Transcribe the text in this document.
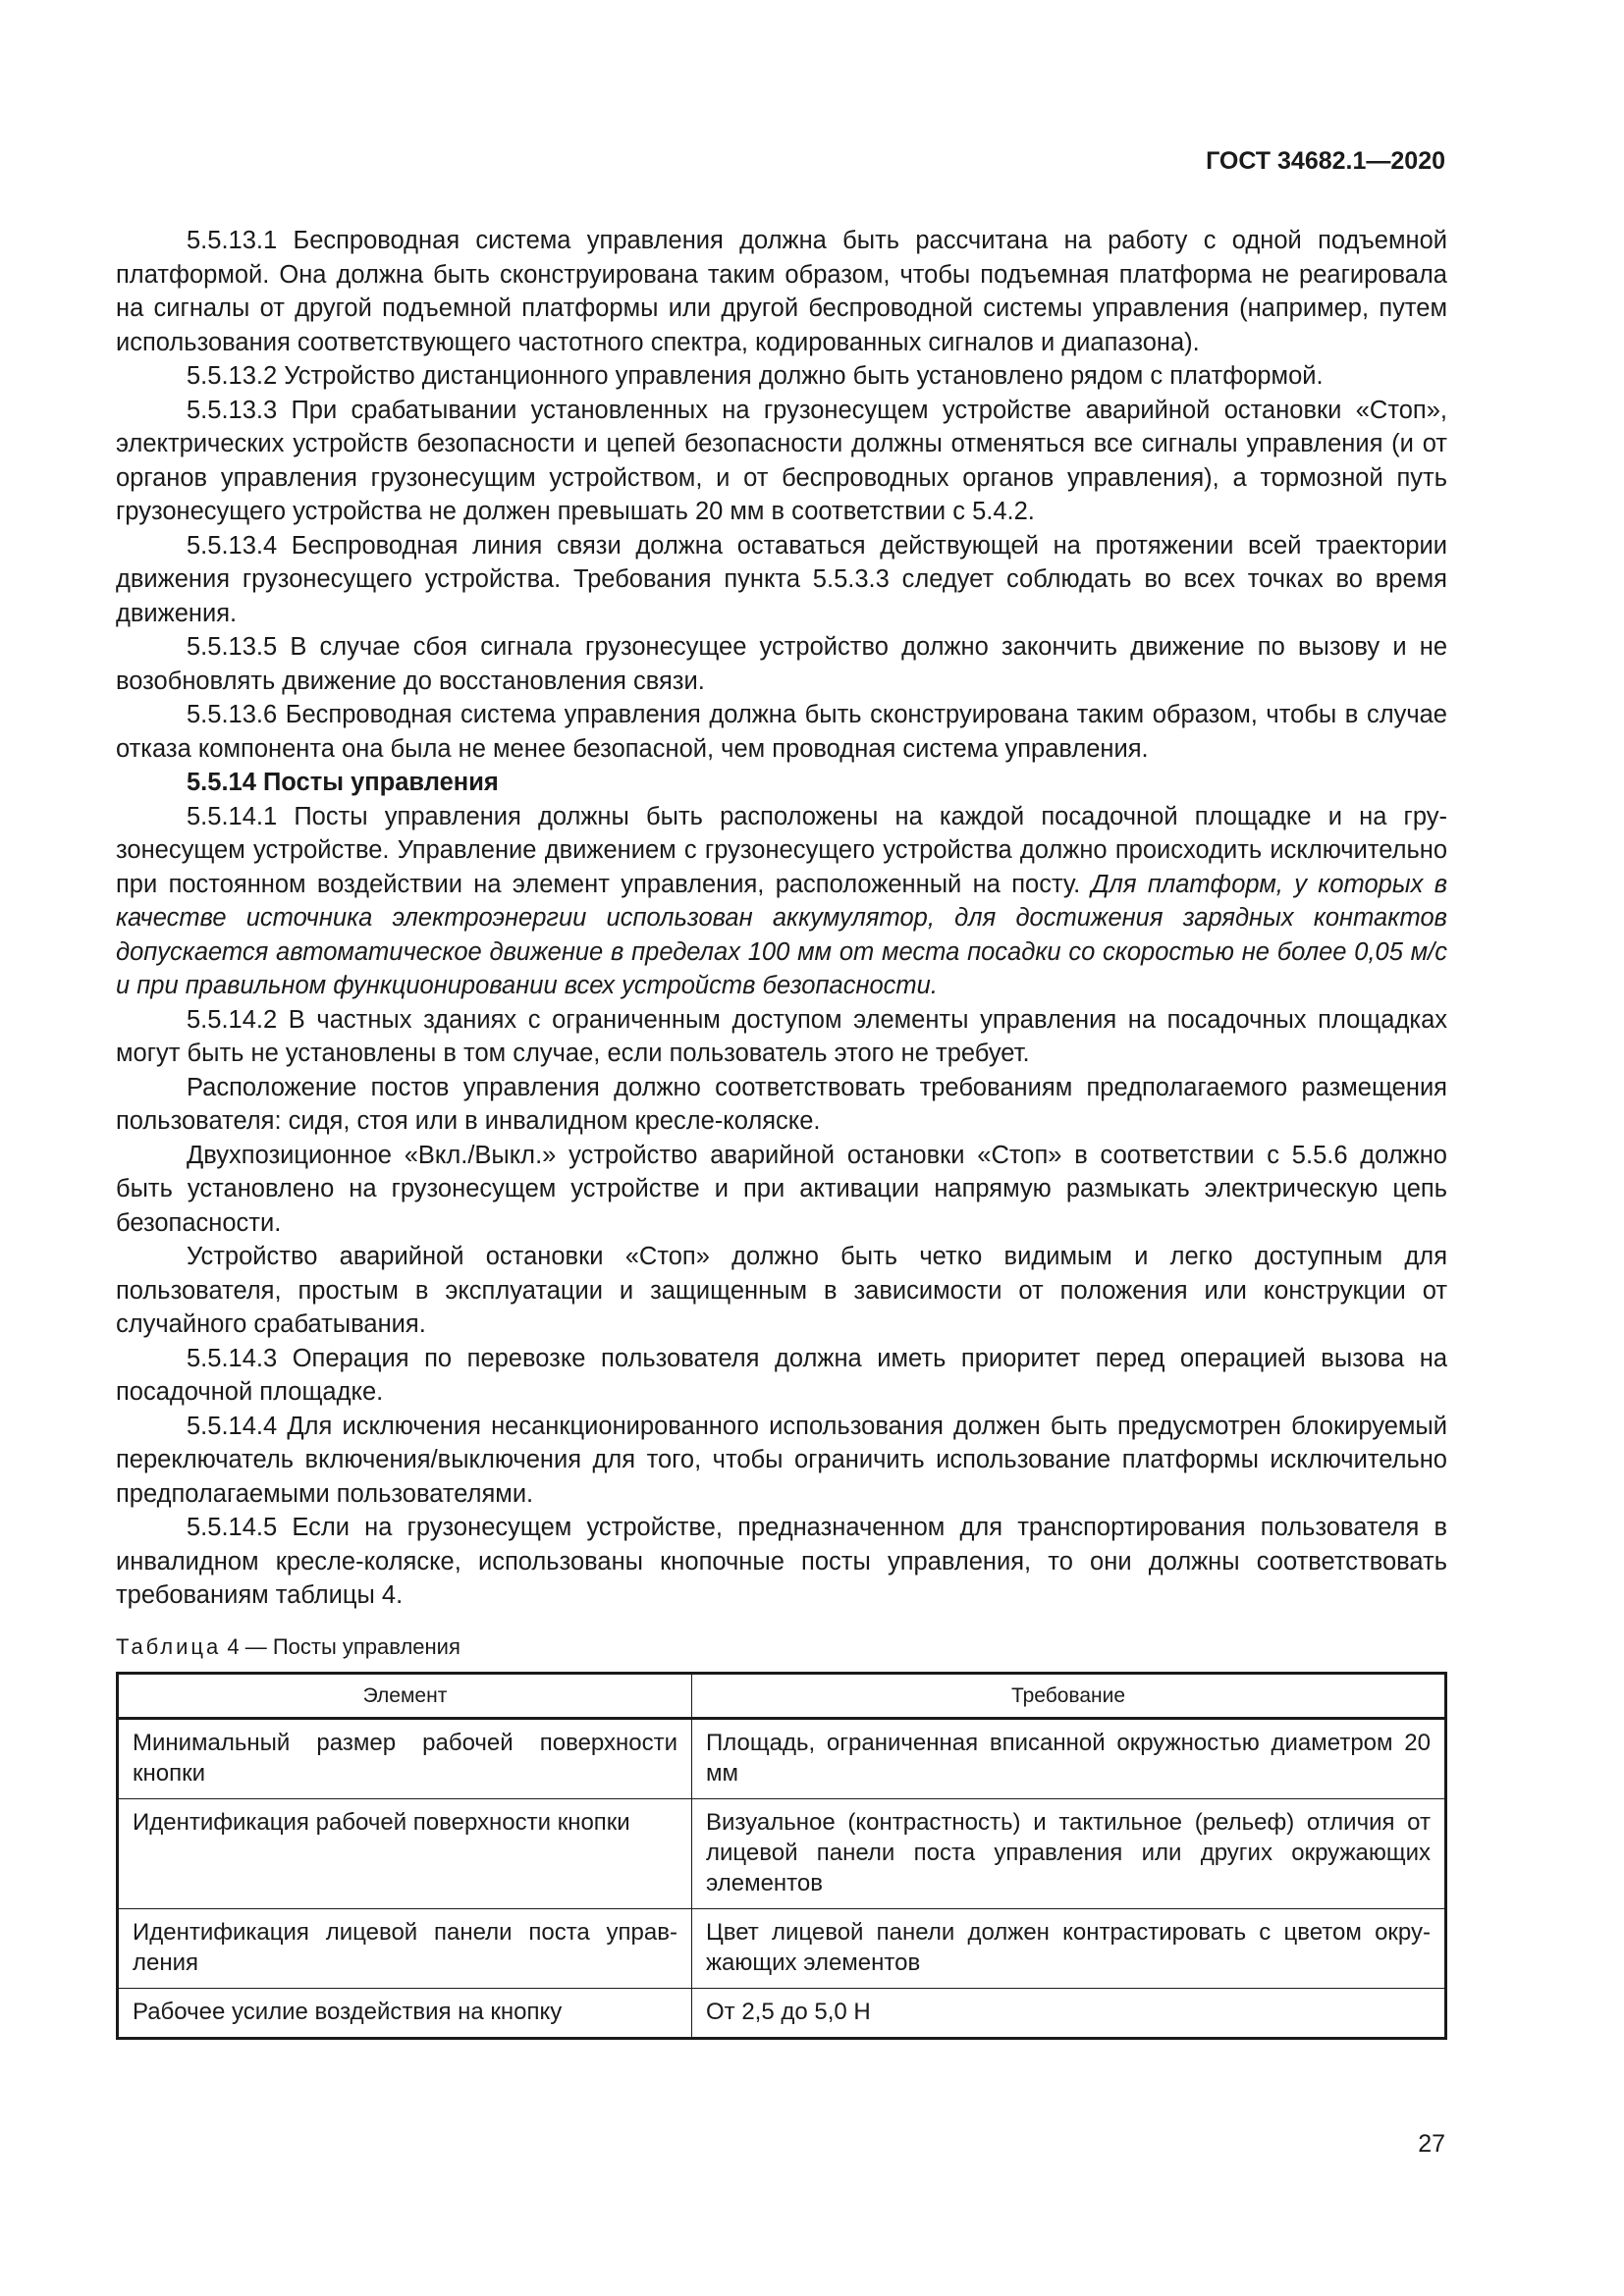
ГОСТ 34682.1—2020

5.5.13.1 Беспроводная система управления должна быть рассчитана на работу с одной подъемной платформой. Она должна быть сконструирована таким образом, чтобы подъемная платформа не реагировала на сигналы от другой подъемной платформы или другой беспроводной системы управления (например, путем использования соответствующего частотного спектра, кодированных сигналов и диапазона).

5.5.13.2 Устройство дистанционного управления должно быть установлено рядом с платформой.

5.5.13.3 При срабатывании установленных на грузонесущем устройстве аварийной остановки «Стоп», электрических устройств безопасности и цепей безопасности должны отменяться все сигналы управления (и от органов управления грузонесущим устройством, и от беспроводных органов управления), а тормозной путь грузонесущего устройства не должен превышать 20 мм в соответствии с 5.4.2.

5.5.13.4 Беспроводная линия связи должна оставаться действующей на протяжении всей траектории движения грузонесущего устройства. Требования пункта 5.5.3.3 следует соблюдать во всех точках во время движения.

5.5.13.5 В случае сбоя сигнала грузонесущее устройство должно закончить движение по вызову и не возобновлять движение до восстановления связи.

5.5.13.6 Беспроводная система управления должна быть сконструирована таким образом, чтобы в случае отказа компонента она была не менее безопасной, чем проводная система управления.

5.5.14 Посты управления

5.5.14.1 Посты управления должны быть расположены на каждой посадочной площадке и на грузонесущем устройстве. Управление движением с грузонесущего устройства должно происходить исключительно при постоянном воздействии на элемент управления, расположенный на посту. Для платформ, у которых в качестве источника электроэнергии использован аккумулятор, для достижения зарядных контактов допускается автоматическое движение в пределах 100 мм от места посадки со скоростью не более 0,05 м/с и при правильном функционировании всех устройств безопасности.

5.5.14.2 В частных зданиях с ограниченным доступом элементы управления на посадочных площадках могут быть не установлены в том случае, если пользователь этого не требует.

Расположение постов управления должно соответствовать требованиям предполагаемого размещения пользователя: сидя, стоя или в инвалидном кресле-коляске.

Двухпозиционное «Вкл./Выкл.» устройство аварийной остановки «Стоп» в соответствии с 5.5.6 должно быть установлено на грузонесущем устройстве и при активации напрямую размыкать электрическую цепь безопасности.

Устройство аварийной остановки «Стоп» должно быть четко видимым и легко доступным для пользователя, простым в эксплуатации и защищенным в зависимости от положения или конструкции от случайного срабатывания.

5.5.14.3 Операция по перевозке пользователя должна иметь приоритет перед операцией вызова на посадочной площадке.

5.5.14.4 Для исключения несанкционированного использования должен быть предусмотрен блокируемый переключатель включения/выключения для того, чтобы ограничить использование платформы исключительно предполагаемыми пользователями.

5.5.14.5 Если на грузонесущем устройстве, предназначенном для транспортирования пользователя в инвалидном кресле-коляске, использованы кнопочные посты управления, то они должны соответствовать требованиям таблицы 4.

Таблица 4 — Посты управления
Элемент	Требование
Минимальный размер рабочей поверхности кнопки	Площадь, ограниченная вписанной окружностью диаметром 20 мм
Идентификация рабочей поверхности кнопки	Визуальное (контрастность) и тактильное (рельеф) отличия от лицевой панели поста управления или других окружающих элементов
Идентификация лицевой панели поста управления	Цвет лицевой панели должен контрастировать с цветом окружающих элементов
Рабочее усилие воздействия на кнопку	От 2,5 до 5,0 Н
27
